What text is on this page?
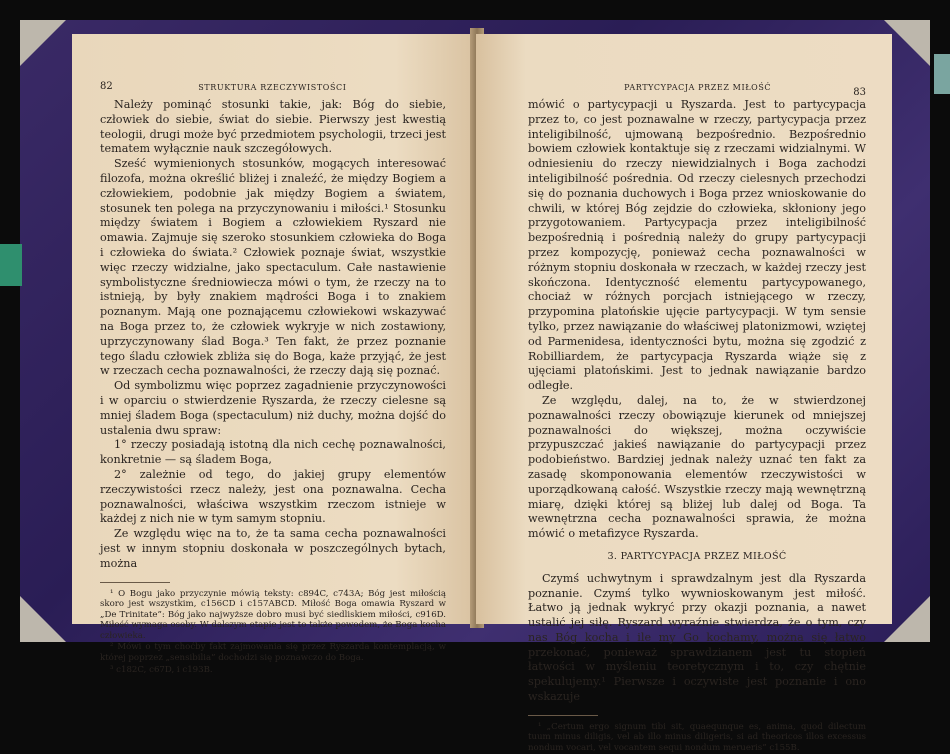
82	STRUKTURA RZECZYWISTOŚCI

Należy pominąć stosunki takie, jak: Bóg do siebie, człowiek do siebie, świat do siebie. Pierwszy jest kwestią teologii, drugi może być przedmiotem psychologii, trzeci jest tematem wyłącznie nauk szczegółowych.

Sześć wymienionych stosunków, mogących interesować filozofa, można określić bliżej i znaleźć, że między Bogiem a człowiekiem, podobnie jak między Bogiem a światem, stosunek ten polega na przyczynowaniu i miłości.¹ Stosunku między światem i Bogiem a człowiekiem Ryszard nie omawia. Zajmuje się szeroko stosunkiem człowieka do Boga i człowieka do świata.² Człowiek poznaje świat, wszystkie więc rzeczy widzialne, jako spectaculum. Całe nastawienie symbolistyczne średniowiecza mówi o tym, że rzeczy na to istnieją, by były znakiem mądrości Boga i to znakiem poznanym. Mają one poznającemu człowiekowi wskazywać na Boga przez to, że człowiek wykryje w nich zostawiony, uprzyczynowany ślad Boga.³ Ten fakt, że przez poznanie tego śladu człowiek zbliża się do Boga, każe przyjąć, że jest w rzeczach cecha poznawalności, że rzeczy dają się poznać.

Od symbolizmu więc poprzez zagadnienie przyczynowości i w oparciu o stwierdzenie Ryszarda, że rzeczy cielesne są mniej śladem Boga (spectaculum) niż duchy, można dojść do ustalenia dwu spraw:

1° rzeczy posiadają istotną dla nich cechę poznawalności, konkretnie — są śladem Boga,

2° zależnie od tego, do jakiej grupy elementów rzeczywistości rzecz należy, jest ona poznawalna. Cecha poznawalności, właściwa wszystkim rzeczom istnieje w każdej z nich nie w tym samym stopniu.

Ze względu więc na to, że ta sama cecha poznawalności jest w innym stopniu doskonała w poszczególnych bytach, można

¹ O Bogu jako przyczynie mówią teksty: c894C, c743A; Bóg jest miłością skoro jest wszystkim, c156CD i c157ABCD. Miłość Boga omawia Ryszard w „De Trinitate”: Bóg jako najwyższe dobro musi być siedliskiem miłości, c916D. Miłość wymaga osoby. W dalszym etapie jest to także powodem, że Boga kocha człowieka.

² Mówi o tym choćby fakt zajmowania się przez Ryszarda kontemplacją, w której poprzez „sensibilia” dochodzi się poznawczo do Boga.

³ c182C, c67D, i c193B.

PARTYCYPACJA PRZEZ MIŁOŚĆ	83

mówić o partycypacji u Ryszarda. Jest to partycypacja przez to, co jest poznawalne w rzeczy, partycypacja przez inteligibilność, ujmowaną bezpośrednio. Bezpośrednio bowiem człowiek kontaktuje się z rzeczami widzialnymi. W odniesieniu do rzeczy niewidzialnych i Boga zachodzi inteligibilność pośrednia. Od rzeczy cielesnych przechodzi się do poznania duchowych i Boga przez wnioskowanie do chwili, w której Bóg zejdzie do człowieka, skłoniony jego przygotowaniem. Partycypacja przez inteligibilność bezpośrednią i pośrednią należy do grupy partycypacji przez kompozycję, ponieważ cecha poznawalności w różnym stopniu doskonała w rzeczach, w każdej rzeczy jest skończona. Identyczność elementu partycypowanego, chociaż w różnych porcjach istniejącego w rzeczy, przypomina platońskie ujęcie partycypacji. W tym sensie tylko, przez nawiązanie do właściwej platonizmowi, wziętej od Parmenidesa, identyczności bytu, można się zgodzić z Robilliardem, że partycypacja Ryszarda wiąże się z ujęciami platońskimi. Jest to jednak nawiązanie bardzo odległe.

Ze względu, dalej, na to, że w stwierdzonej poznawalności rzeczy obowiązuje kierunek od mniejszej poznawalności do większej, można oczywiście przypuszczać jakieś nawiązanie do partycypacji przez podobieństwo. Bardziej jednak należy uznać ten fakt za zasadę skomponowania elementów rzeczywistości w uporządkowaną całość. Wszystkie rzeczy mają wewnętrzną miarę, dzięki której są bliżej lub dalej od Boga. Ta wewnętrzna cecha poznawalności sprawia, że można mówić o metafizyce Ryszarda.

3. PARTYCYPACJA PRZEZ MIŁOŚĆ

Czymś uchwytnym i sprawdzalnym jest dla Ryszarda poznanie. Czymś tylko wywnioskowanym jest miłość. Łatwo ją jednak wykryć przy okazji poznania, a nawet ustalić jej siłę. Ryszard wyraźnie stwierdza, że o tym, czy nas Bóg kocha i ile my Go kochamy, można się łatwo przekonać, ponieważ sprawdzianem jest tu stopień łatwości w myśleniu teoretycznym i to, czy chętnie spekulujemy.¹ Pierwsze i oczywiste jest poznanie i ono wskazuje

¹ „Certum ergo signum tibi sit, quaequnque es, anima, quod dilectum tuum minus diligis, vel ab illo minus diligeris, si ad theoricos illos excessus nondum vocari, vel vocantem sequi nondum merueris” c155B.
